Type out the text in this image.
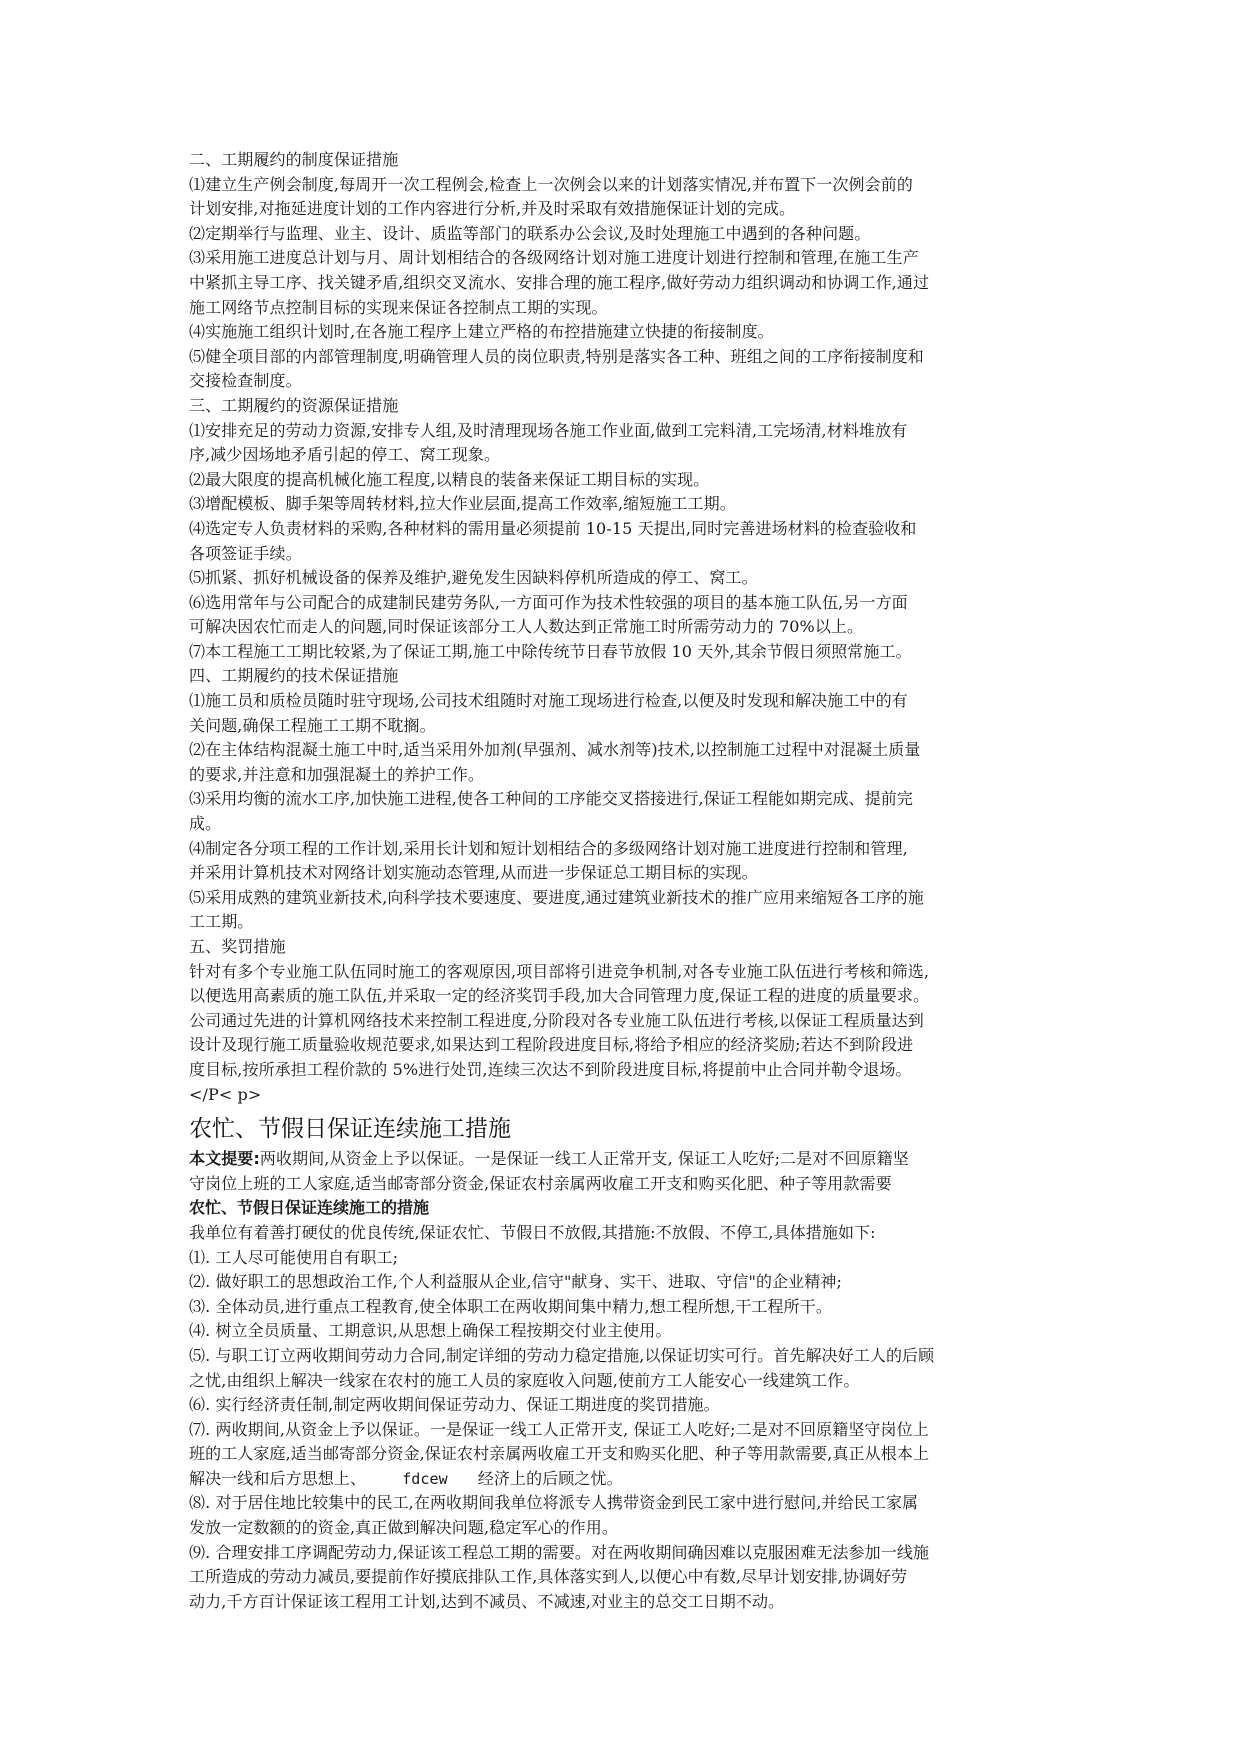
二、工期履约的制度保证措施
⑴建立生产例会制度,每周开一次工程例会,检查上一次例会以来的计划落实情况,并布置下一次例会前的
计划安排,对拖延进度计划的工作内容进行分析,并及时采取有效措施保证计划的完成。
⑵定期举行与监理、业主、设计、质监等部门的联系办公会议,及时处理施工中遇到的各种问题。
⑶采用施工进度总计划与月、周计划相结合的各级网络计划对施工进度计划进行控制和管理,在施工生产
中紧抓主导工序、找关键矛盾,组织交叉流水、安排合理的施工程序,做好劳动力组织调动和协调工作,通过
施工网络节点控制目标的实现来保证各控制点工期的实现。
⑷实施施工组织计划时,在各施工程序上建立严格的布控措施建立快捷的衔接制度。
⑸健全项目部的内部管理制度,明确管理人员的岗位职责,特别是落实各工种、班组之间的工序衔接制度和
交接检查制度。
三、工期履约的资源保证措施
⑴安排充足的劳动力资源,安排专人组,及时清理现场各施工作业面,做到工完料清,工完场清,材料堆放有
序,减少因场地矛盾引起的停工、窝工现象。
⑵最大限度的提高机械化施工程度,以精良的装备来保证工期目标的实现。
⑶增配模板、脚手架等周转材料,拉大作业层面,提高工作效率,缩短施工工期。
⑷选定专人负责材料的采购,各种材料的需用量必须提前 10-15 天提出,同时完善进场材料的检查验收和
各项签证手续。
⑸抓紧、抓好机械设备的保养及维护,避免发生因缺料停机所造成的停工、窝工。
⑹选用常年与公司配合的成建制民建劳务队,一方面可作为技术性较强的项目的基本施工队伍,另一方面
可解决因农忙而走人的问题,同时保证该部分工人人数达到正常施工时所需劳动力的 70%以上。
⑺本工程施工工期比较紧,为了保证工期,施工中除传统节日春节放假 10 天外,其余节假日须照常施工。
四、工期履约的技术保证措施
⑴施工员和质检员随时驻守现场,公司技术组随时对施工现场进行检查,以便及时发现和解决施工中的有
关问题,确保工程施工工期不耽搁。
⑵在主体结构混凝土施工中时,适当采用外加剂(早强剂、减水剂等)技术,以控制施工过程中对混凝土质量
的要求,并注意和加强混凝土的养护工作。
⑶采用均衡的流水工序,加快施工进程,使各工种间的工序能交叉搭接进行,保证工程能如期完成、提前完
成。
⑷制定各分项工程的工作计划,采用长计划和短计划相结合的多级网络计划对施工进度进行控制和管理,
并采用计算机技术对网络计划实施动态管理,从而进一步保证总工期目标的实现。
⑸采用成熟的建筑业新技术,向科学技术要速度、要进度,通过建筑业新技术的推广应用来缩短各工序的施
工工期。
五、奖罚措施
针对有多个专业施工队伍同时施工的客观原因,项目部将引进竞争机制,对各专业施工队伍进行考核和筛选,
以便选用高素质的施工队伍,并采取一定的经济奖罚手段,加大合同管理力度,保证工程的进度的质量要求。
公司通过先进的计算机网络技术来控制工程进度,分阶段对各专业施工队伍进行考核,以保证工程质量达到
设计及现行施工质量验收规范要求,如果达到工程阶段进度目标,将给予相应的经济奖励;若达不到阶段进
度目标,按所承担工程价款的 5%进行处罚,连续三次达不到阶段进度目标,将提前中止合同并勒令退场。
</P< p>
农忙、节假日保证连续施工措施
本文提要:两收期间,从资金上予以保证。一是保证一线工人正常开支, 保证工人吃好;二是对不回原籍坚
守岗位上班的工人家庭,适当邮寄部分资金,保证农村亲属两收雇工开支和购买化肥、种子等用款需要
农忙、节假日保证连续施工的措施
我单位有着善打硬仗的优良传统,保证农忙、节假日不放假,其措施:不放假、不停工,具体措施如下:
⑴. 工人尽可能使用自有职工;
⑵. 做好职工的思想政治工作,个人利益服从企业,信守"献身、实干、进取、守信"的企业精神;
⑶. 全体动员,进行重点工程教育,使全体职工在两收期间集中精力,想工程所想,干工程所干。
⑷. 树立全员质量、工期意识,从思想上确保工程按期交付业主使用。
⑸. 与职工订立两收期间劳动力合同,制定详细的劳动力稳定措施,以保证切实可行。首先解决好工人的后顾
之忧,由组织上解决一线家在农村的施工人员的家庭收入问题,使前方工人能安心一线建筑工作。
⑹. 实行经济责任制,制定两收期间保证劳动力、保证工期进度的奖罚措施。
⑺. 两收期间,从资金上予以保证。一是保证一线工人正常开支, 保证工人吃好;二是对不回原籍坚守岗位上
班的工人家庭,适当邮寄部分资金,保证农村亲属两收雇工开支和购买化肥、种子等用款需要,真正从根本上
解决一线和后方思想上、 fdcew 经济上的后顾之忧。
⑻. 对于居住地比较集中的民工,在两收期间我单位将派专人携带资金到民工家中进行慰问,并给民工家属
发放一定数额的的资金,真正做到解决问题,稳定军心的作用。
⑼. 合理安排工序调配劳动力,保证该工程总工期的需要。对在两收期间确因难以克服困难无法参加一线施
工所造成的劳动力减员,要提前作好摸底排队工作,具体落实到人,以便心中有数,尽早计划安排,协调好劳
动力,千方百计保证该工程用工计划,达到不减员、不减速,对业主的总交工日期不动。
